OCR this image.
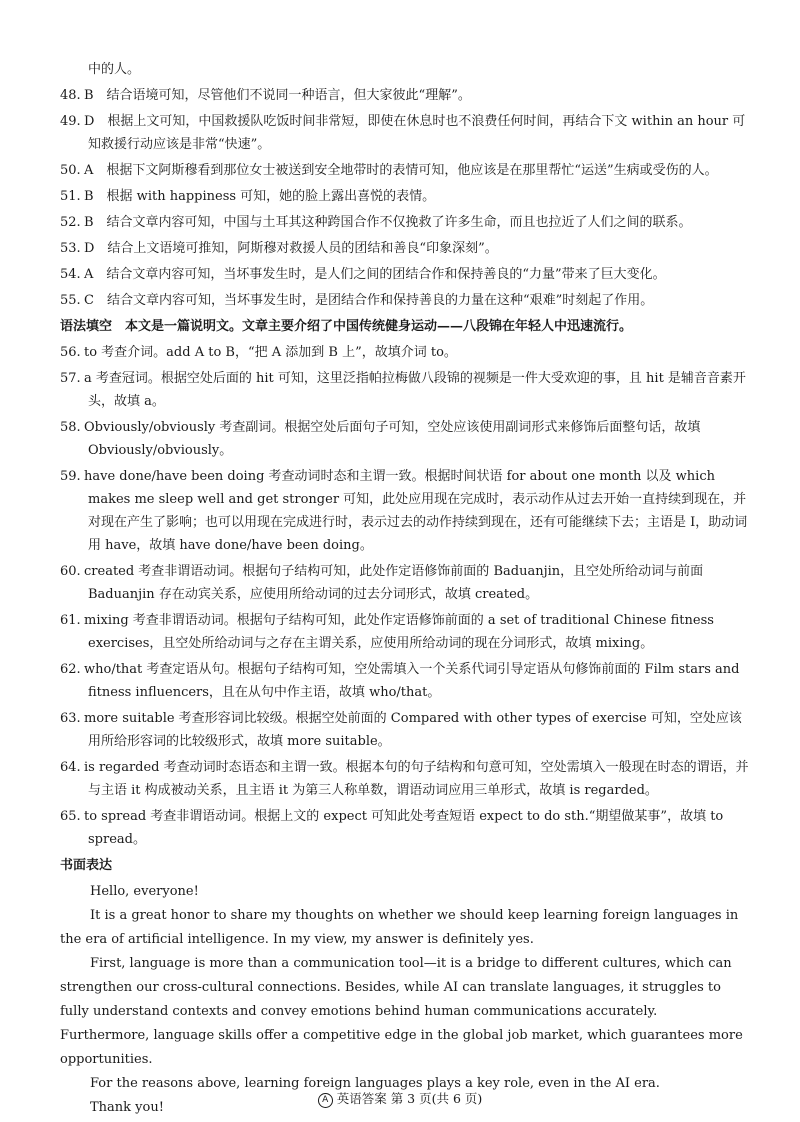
中的人。

48. B　结合语境可知，尽管他们不说同一种语言，但大家彼此“理解”。

49. D　根据上文可知，中国救援队吃饭时间非常短，即使在休息时也不浪费任何时间，再结合下文 within an hour 可知救援行动应该是非常“快速”。

50. A　根据下文阿斯穆看到那位女士被送到安全地带时的表情可知，他应该是在那里帮忙“运送”生病或受伤的人。

51. B　根据 with happiness 可知，她的脸上露出喜悦的表情。

52. B　结合文章内容可知，中国与土耳其这种跨国合作不仅挽救了许多生命，而且也拉近了人们之间的联系。

53. D　结合上文语境可推知，阿斯穆对救援人员的团结和善良“印象深刻”。

54. A　结合文章内容可知，当坏事发生时，是人们之间的团结合作和保持善良的“力量”带来了巨大变化。

55. C　结合文章内容可知，当坏事发生时，是团结合作和保持善良的力量在这种“艰难”时刻起了作用。

语法填空　本文是一篇说明文。文章主要介绍了中国传统健身运动——八段锦在年轻人中迅速流行。

56. to 考查介词。add A to B，“把 A 添加到 B 上”，故填介词 to。

57. a 考查冠词。根据空处后面的 hit 可知，这里泛指帕拉梅做八段锦的视频是一件大受欢迎的事，且 hit 是辅音音素开头，故填 a。

58. Obviously/obviously 考查副词。根据空处后面句子可知，空处应该使用副词形式来修饰后面整句话，故填 Obviously/obviously。

59. have done/have been doing 考查动词时态和主谓一致。根据时间状语 for about one month 以及 which makes me sleep well and get stronger 可知，此处应用现在完成时，表示动作从过去开始一直持续到现在，并对现在产生了影响；也可以用现在完成进行时，表示过去的动作持续到现在，还有可能继续下去；主语是 I，助动词用 have，故填 have done/have been doing。

60. created 考查非谓语动词。根据句子结构可知，此处作定语修饰前面的 Baduanjin，且空处所给动词与前面 Baduanjin 存在动宾关系，应使用所给动词的过去分词形式，故填 created。

61. mixing 考查非谓语动词。根据句子结构可知，此处作定语修饰前面的 a set of traditional Chinese fitness exercises，且空处所给动词与之存在主谓关系，应使用所给动词的现在分词形式，故填 mixing。

62. who/that 考查定语从句。根据句子结构可知，空处需填入一个关系代词引导定语从句修饰前面的 Film stars and fitness influencers，且在从句中作主语，故填 who/that。

63. more suitable 考查形容词比较级。根据空处前面的 Compared with other types of exercise 可知，空处应该用所给形容词的比较级形式，故填 more suitable。

64. is regarded 考查动词时态语态和主谓一致。根据本句的句子结构和句意可知，空处需填入一般现在时态的谓语，并与主语 it 构成被动关系，且主语 it 为第三人称单数，谓语动词应用三单形式，故填 is regarded。

65. to spread 考查非谓语动词。根据上文的 expect 可知此处考查短语 expect to do sth.“期望做某事”，故填 to spread。

书面表达

Hello, everyone!

It is a great honor to share my thoughts on whether we should keep learning foreign languages in the era of artificial intelligence. In my view, my answer is definitely yes.

First, language is more than a communication tool—it is a bridge to different cultures, which can strengthen our cross-cultural connections. Besides, while AI can translate languages, it struggles to fully understand contexts and convey emotions behind human communications accurately. Furthermore, language skills offer a competitive edge in the global job market, which guarantees more opportunities.

For the reasons above, learning foreign languages plays a key role, even in the AI era.

Thank you!	A 英语答案 第 3 页(共 6 页)
